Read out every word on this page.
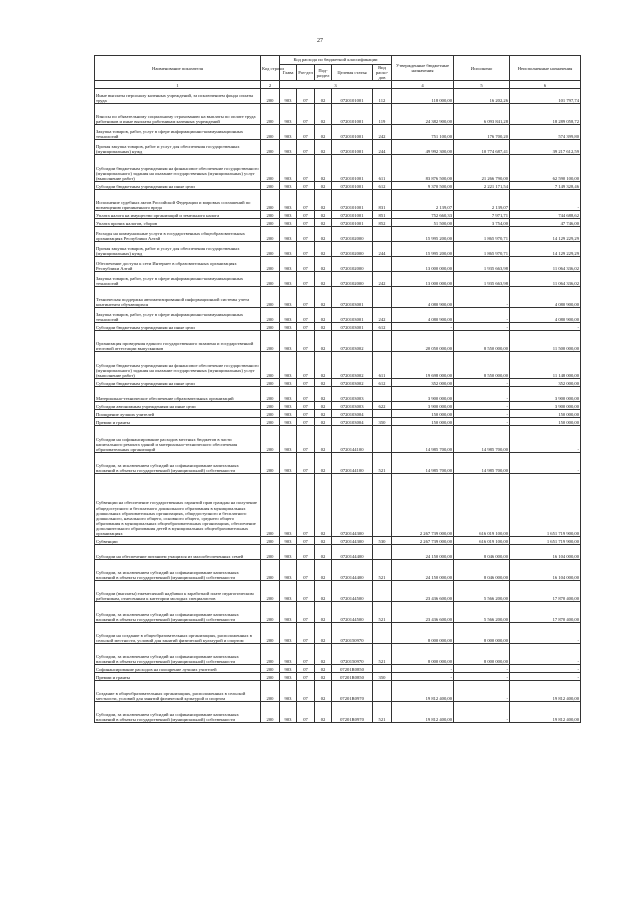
27
Наименование показателя	Код строки	Код расхода по бюджетной классификации					Утвержденные бюджетные назначения	Исполнено	Неисполненные назначения
		Глава	Раз-дел	Под-раздел	Целевая статья	Вид расхо-дов			
1	2	3					4	5	6
Иные выплаты персоналу казенных учреждений, за исключением фонда оплаты труда	200	903	07	02	0720101001	112	118 000,00	16 202,26	101 797,74
Взносы по обязательному социальному страхованию на выплаты по оплате труда работников и иные выплаты работникам казенных учреждений	200	903	07	02	0720101001	119	24 382 900,00	6 093 841,28	18 289 058,72
Закупка товаров, работ, услуг в сфере информационно-коммуникационных технологий	200	903	07	02	0720101001	242	751 100,00	176 700,20	574 399,80
Прочая закупка товаров, работ и услуг для обеспечения государственных (муниципальных) нужд	200	903	07	02	0720101001	244	49 992 300,00	10 774 687,41	39 217 612,59
Субсидии бюджетным учреждениям на финансовое обеспечение государственного (муниципального) задания на оказание государственных (муниципальных) услуг (выполнение работ)	200	903	07	02	0720101001	611	83 876 500,00	21 266 790,00	62 590 100,00
Субсидии бюджетным учреждениям на иные цели	200	903	07	02	0720101001	612	9 370 500,00	2 221 171,54	7 149 328,46
Исполнение судебных актов Российской Федерации и мировых соглашений по возмещению причиненного вреда	200	903	07	02	0720101001	831	2 139,07	2 139,07	-
Уплата налога на имущество организаций и земельного налога	200	903	07	02	0720101001	851	752 660,33	7 971,71	744 688,62
Уплата прочих налогов, сборов	200	903	07	02	0720101001	852	51 500,00	3 754,00	47 746,00
Расходы на коммунальные услуги в государственных общеобразовательных организациях Республики Алтай	200	903	07	02	0720102000		15 995 200,00	1 865 970,71	14 129 229,29
Прочая закупка товаров, работ и услуг для обеспечения государственных (муниципальных) нужд	200	903	07	02	0720102000	244	15 995 200,00	1 865 970,71	14 129 229,29
Обеспечение доступа к сети Интернет в образовательных организациях Республики Алтай	200	903	07	02	0720102000		13 000 000,00	1 935 663,98	11 064 336,02
Закупка товаров, работ, услуг в сфере информационно-коммуникационных технологий	200	903	07	02	0720102000	242	13 000 000,00	1 935 663,98	11 064 336,02
Техническая поддержка автоматизированной информационной системы учета контингента обучающихся	200	903	07	02	0720103001		4 080 900,00	-	4 080 900,00
Закупка товаров, работ, услуг в сфере информационно-коммуникационных технологий	200	903	07	02	0720103001	242	4 080 900,00	-	4 080 900,00
Субсидии бюджетным учреждениям на иные цели	200	903	07	02	0720103001	612	-	-	-
Организация проведения единого государственного экзамена и государственной итоговой аттестации выпускников	200	903	07	02	0720103002		20 050 000,00	8 550 000,00	11 500 000,00
Субсидии бюджетным учреждениям на финансовое обеспечение государственного (муниципального) задания на оказание государственных (муниципальных) услуг (выполнение работ)	200	903	07	02	0720103002	611	19 698 000,00	8 550 000,00	11 148 000,00
Субсидии бюджетным учреждениям на иные цели	200	903	07	02	0720103002	612	352 000,00	-	352 000,00
Материально-техническое обеспечение образовательных организаций	200	903	07	02	0720103003		3 900 000,00	-	3 900 000,00
Субсидии автономным учреждениям на иные цели	200	903	07	02	0720103003	622	3 900 000,00	-	3 900 000,00
Поощрение лучших учителей	200	903	07	02	0720103004		150 000,00	-	150 000,00
Премии и гранты	200	903	07	02	0720103004	350	150 000,00	-	150 000,00
Субсидии на софинансирование расходов местных бюджетов в части капитального ремонта зданий и материально-технического обеспечения образовательных организаций	200	903	07	02	0720144100		14 985 700,00	14 985 700,00	-
Субсидии, за исключением субсидий на софинансирование капитальных вложений в объекты государственной (муниципальной) собственности	200	903	07	02	0720144100	521	14 985 700,00	14 985 700,00	-
Субвенции на обеспечение государственных гарантий прав граждан на получение общедоступного и бесплатного дошкольного образования в муниципальных дошкольных образовательных организациях, общедоступного и бесплатного дошкольного, начального общего, основного общего, среднего общего образования в муниципальных общеобразовательных организациях, обеспечение дополнительного образования детей в муниципальных общеобразовательных организациях	200	903	07	02	0720144300		2 267 739 000,00	616 019 100,00	1 651 719 900,00
Субвенции	200	903	07	02	0720144300	530	2 267 739 000,00	616 019 100,00	1 651 719 900,00
Субсидии на обеспечение питанием учащихся из малообеспеченных семей	200	903	07	02	0720144400		24 150 000,00	8 046 000,00	16 104 000,00
Субсидии, за исключением субсидий на софинансирование капитальных вложений в объекты государственной (муниципальной) собственности	200	903	07	02	0720144400	521	24 150 000,00	8 046 000,00	16 104 000,00
Субсидии (выплаты) ежемесячной надбавки к заработной плате педагогическим работникам, отнесенным к категории молодых специалистов	200	903	07	02	0720144500		23 436 600,00	5 566 200,00	17 870 400,00
Субсидии, за исключением субсидий на софинансирование капитальных вложений в объекты государственной (муниципальной) собственности	200	903	07	02	0720144500	521	23 436 600,00	5 566 200,00	17 870 400,00
Субсидии на создание в общеобразовательных организациях, расположенных в сельской местности, условий для занятий физической культурой и спортом	200	903	07	02	0720150970		8 000 000,00	8 000 000,00	-
Субсидии, за исключением субсидий на софинансирование капитальных вложений в объекты государственной (муниципальной) собственности	200	903	07	02	0720150970	521	8 000 000,00	8 000 000,00	-
Софинансирование расходов на поощрение лучших учителей	200	903	07	02	07201R0850		-	-	-
Премии и гранты	200	903	07	02	07201R0850	350	-	-	-
Создание в общеобразовательных организациях, расположенных в сельской местности, условий для занятий физической культурой и спортом	200	903	07	02	07201R0970		19 812 400,00	-	19 812 400,00
Субсидии, за исключением субсидий на софинансирование капитальных вложений в объекты государственной (муниципальной) собственности	200	903	07	02	07201R0970	521	19 812 400,00	-	19 812 400,00
